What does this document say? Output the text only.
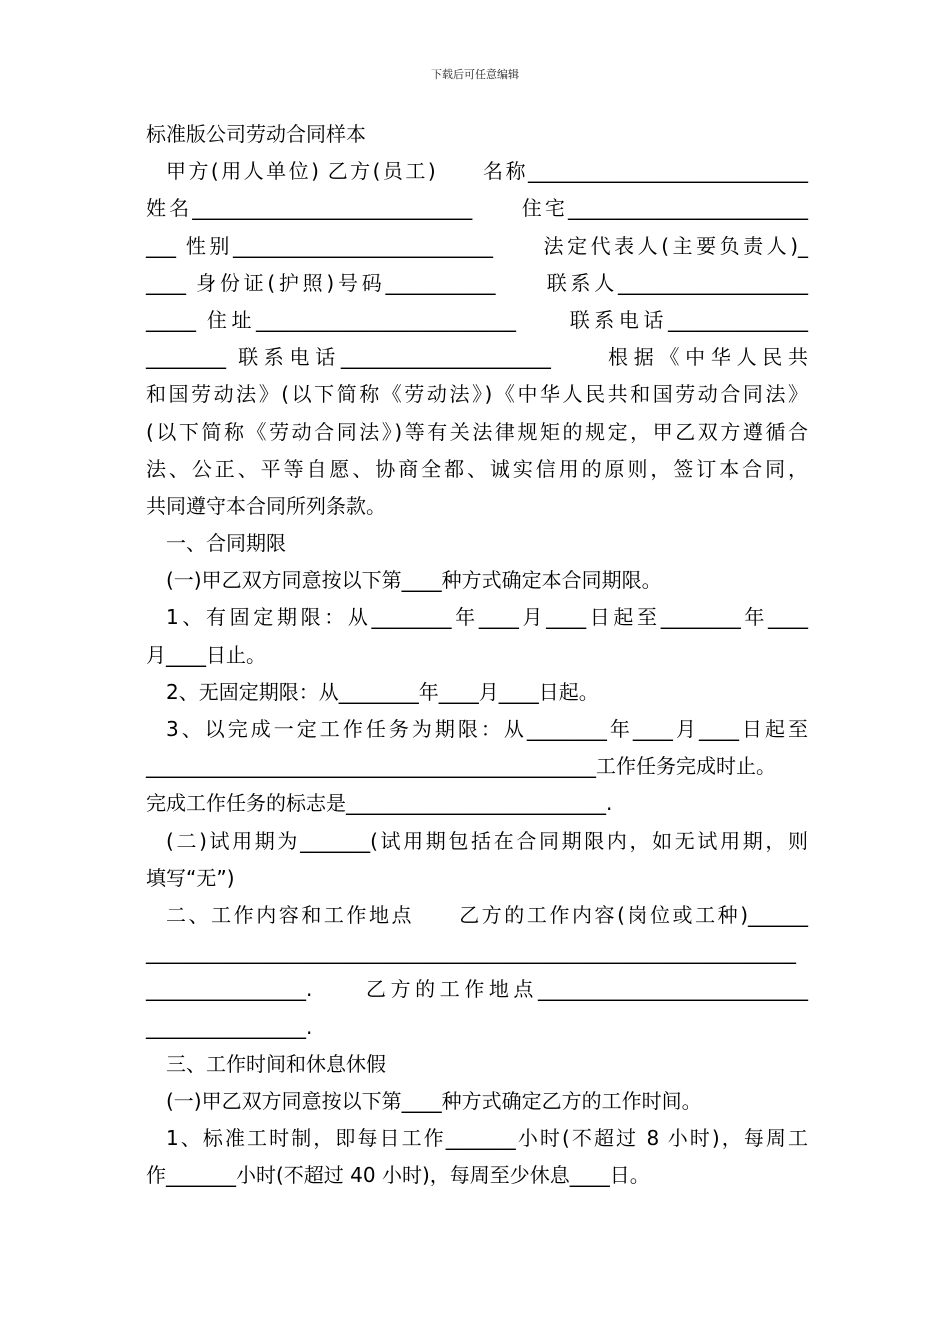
下载后可任意编辑
标准版公司劳动合同样本
甲方(用人单位) 乙方(员工)　　名称____________________________
姓名____________________________　　住宅________________________
___ 性别__________________________　　法定代表人(主要负责人)_
____ 身份证(护照)号码___________　　联系人___________________
_____ 住址__________________________　　联系电话______________
________ 联系电话_____________________　　根据《中华人民共
和国劳动法》(以下简称《劳动法》)《中华人民共和国劳动合同法》
(以下简称《劳动合同法》)等有关法律规矩的规定，甲乙双方遵循合
法、公正、平等自愿、协商全都、诚实信用的原则，签订本合同，
共同遵守本合同所列条款。
一、合同期限
(一)甲乙双方同意按以下第____种方式确定本合同期限。
1、有固定期限：从________年____月____日起至________年____
月____日止。
2、无固定期限：从________年____月____日起。
3、以完成一定工作任务为期限：从________年____月____日起至
_____________________________________________工作任务完成时止。
完成工作任务的标志是__________________________.
(二)试用期为_______(试用期包括在合同期限内，如无试用期，则
填写“无”)
二、工作内容和工作地点　　乙方的工作内容(岗位或工种)______
_________________________________________________________________
________________.　　乙方的工作地点___________________________
________________.
三、工作时间和休息休假
(一)甲乙双方同意按以下第____种方式确定乙方的工作时间。
1、标准工时制，即每日工作_______小时(不超过 8 小时)，每周工
作_______小时(不超过 40 小时)，每周至少休息____日。
